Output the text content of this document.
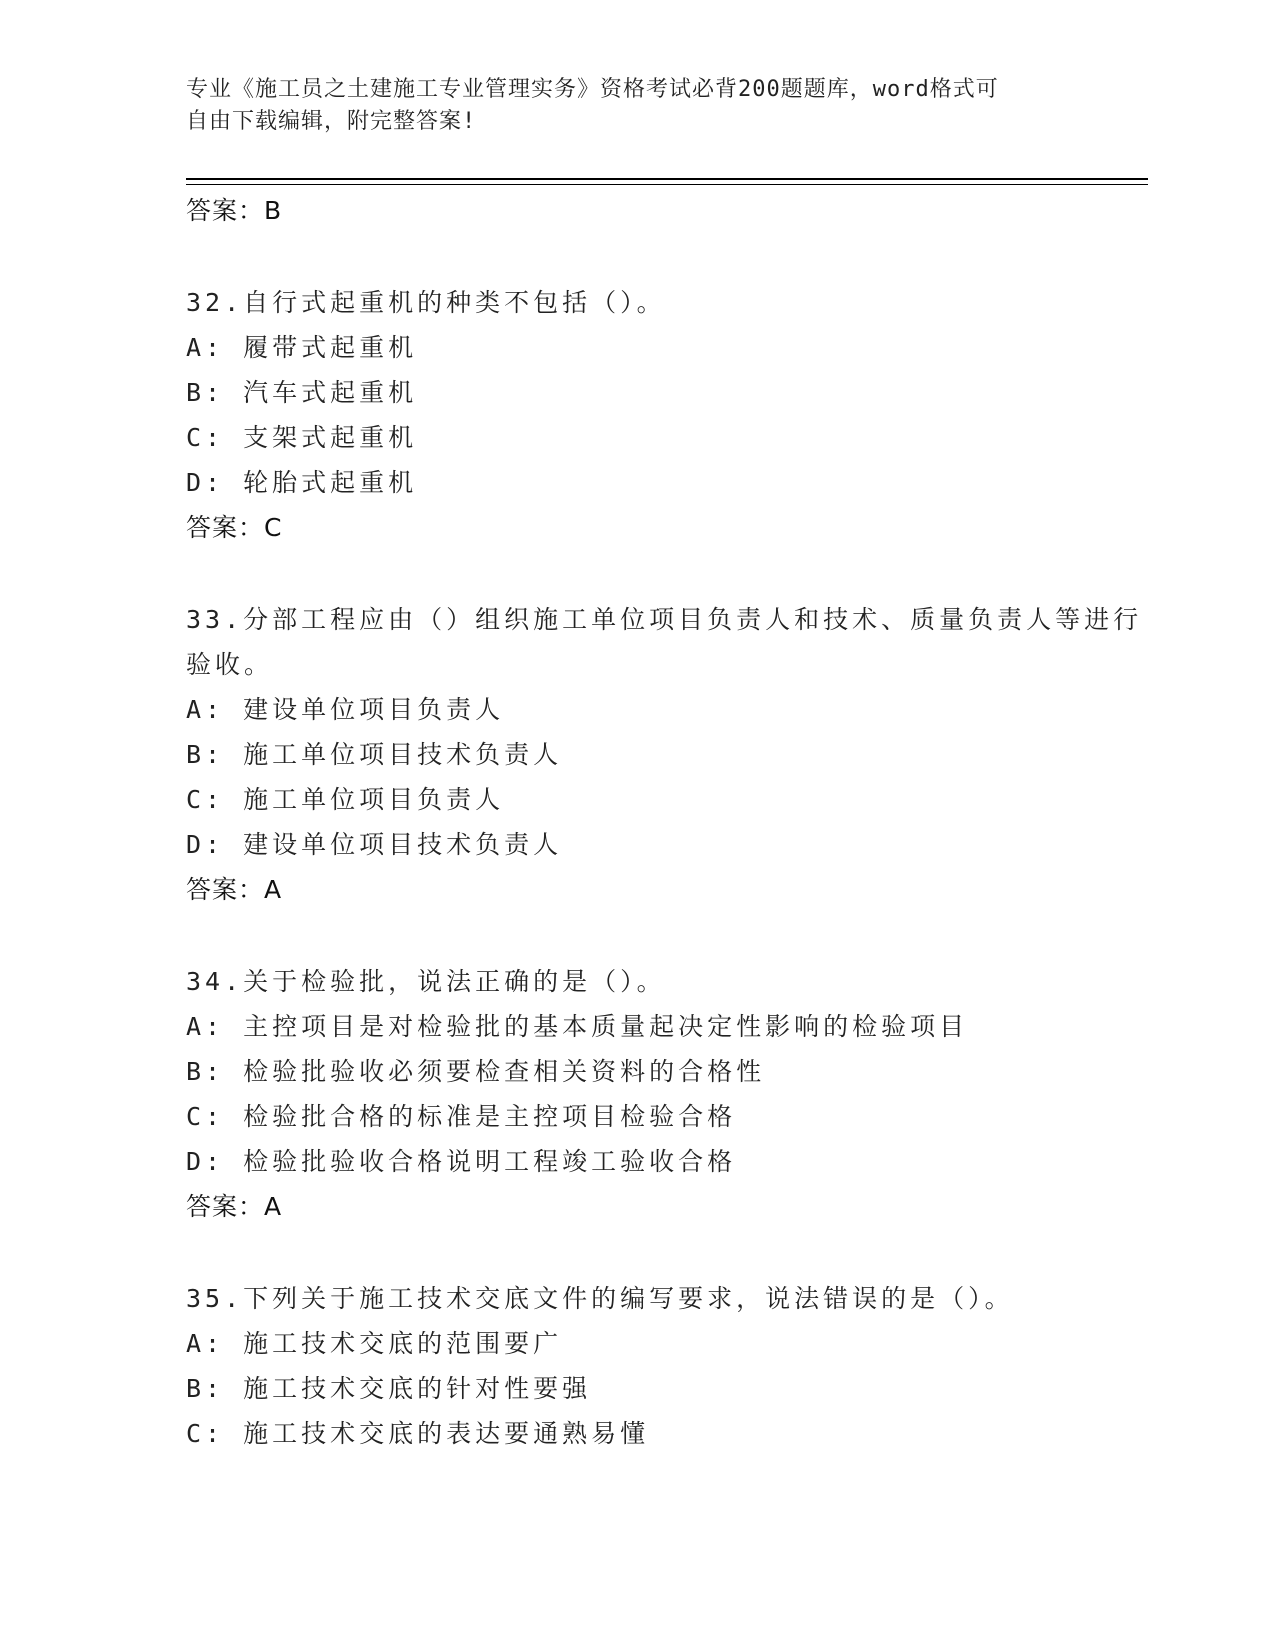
专业《施工员之土建施工专业管理实务》资格考试必背200题题库，word格式可
自由下载编辑，附完整答案!
答案：B
32.自行式起重机的种类不包括（）。
A: 履带式起重机
B: 汽车式起重机
C: 支架式起重机
D: 轮胎式起重机
答案：C
33.分部工程应由（）组织施工单位项目负责人和技术、质量负责人等进行验收。
A: 建设单位项目负责人
B: 施工单位项目技术负责人
C: 施工单位项目负责人
D: 建设单位项目技术负责人
答案：A
34.关于检验批，说法正确的是（）。
A: 主控项目是对检验批的基本质量起决定性影响的检验项目
B: 检验批验收必须要检查相关资料的合格性
C: 检验批合格的标准是主控项目检验合格
D: 检验批验收合格说明工程竣工验收合格
答案：A
35.下列关于施工技术交底文件的编写要求，说法错误的是（）。
A: 施工技术交底的范围要广
B: 施工技术交底的针对性要强
C: 施工技术交底的表达要通熟易懂
